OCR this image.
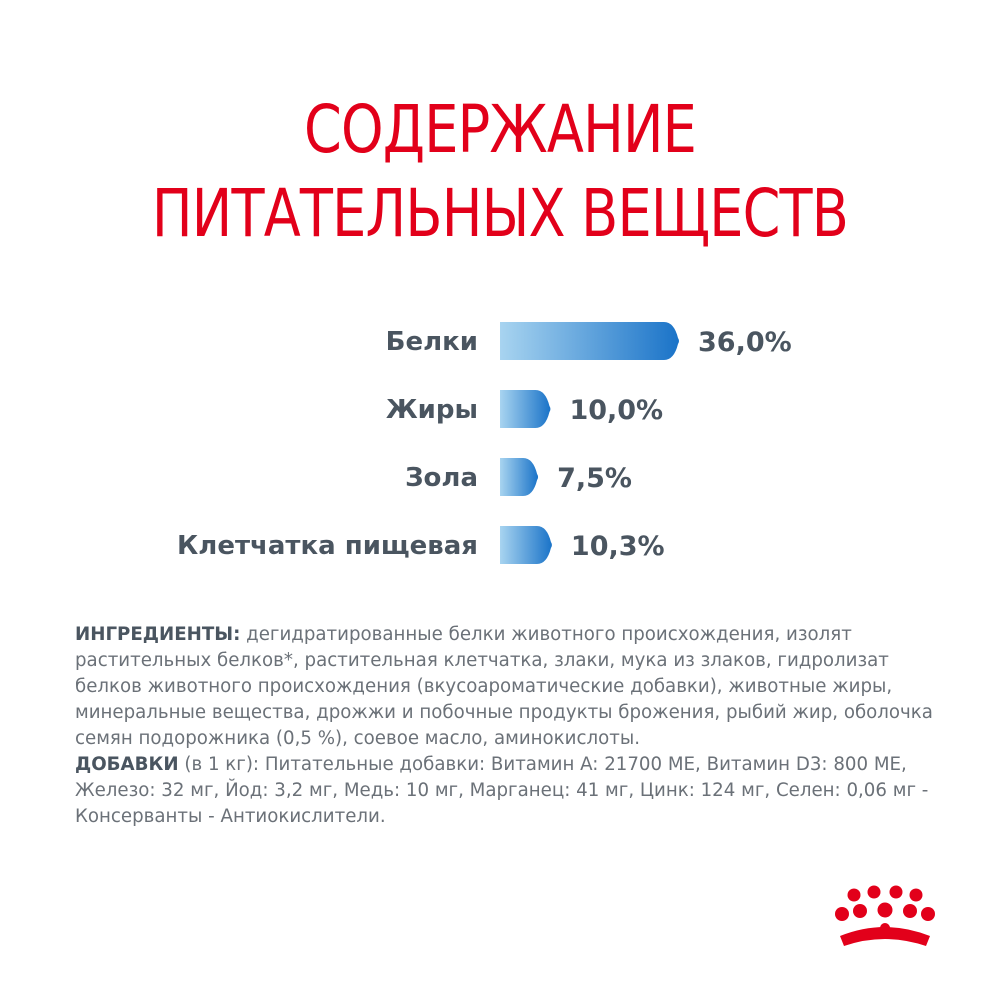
СОДЕРЖАНИЕ
ПИТАТЕЛЬНЫХ ВЕЩЕСТВ
Белки	36,0%
Жиры	10,0%
Зола	7,5%
Клетчатка пищевая	10,3%

ИНГРЕДИЕНТЫ: дегидратированные белки животного происхождения, изолят растительных белков*, растительная клетчатка, злаки, мука из злаков, гидролизат белков животного происхождения (вкусоароматические добавки), животные жиры, минеральные вещества, дрожжи и побочные продукты брожения, рыбий жир, оболочка семян подорожника (0,5 %), соевое масло, аминокислоты.

ДОБАВКИ (в 1 кг): Питательные добавки: Витамин A: 21700 ME, Витамин D3: 800 ME, Железо: 32 мг, Йод: 3,2 мг, Медь: 10 мг, Марганец: 41 мг, Цинк: 124 мг, Селен: 0,06 мг - Консерванты - Антиокислители.
